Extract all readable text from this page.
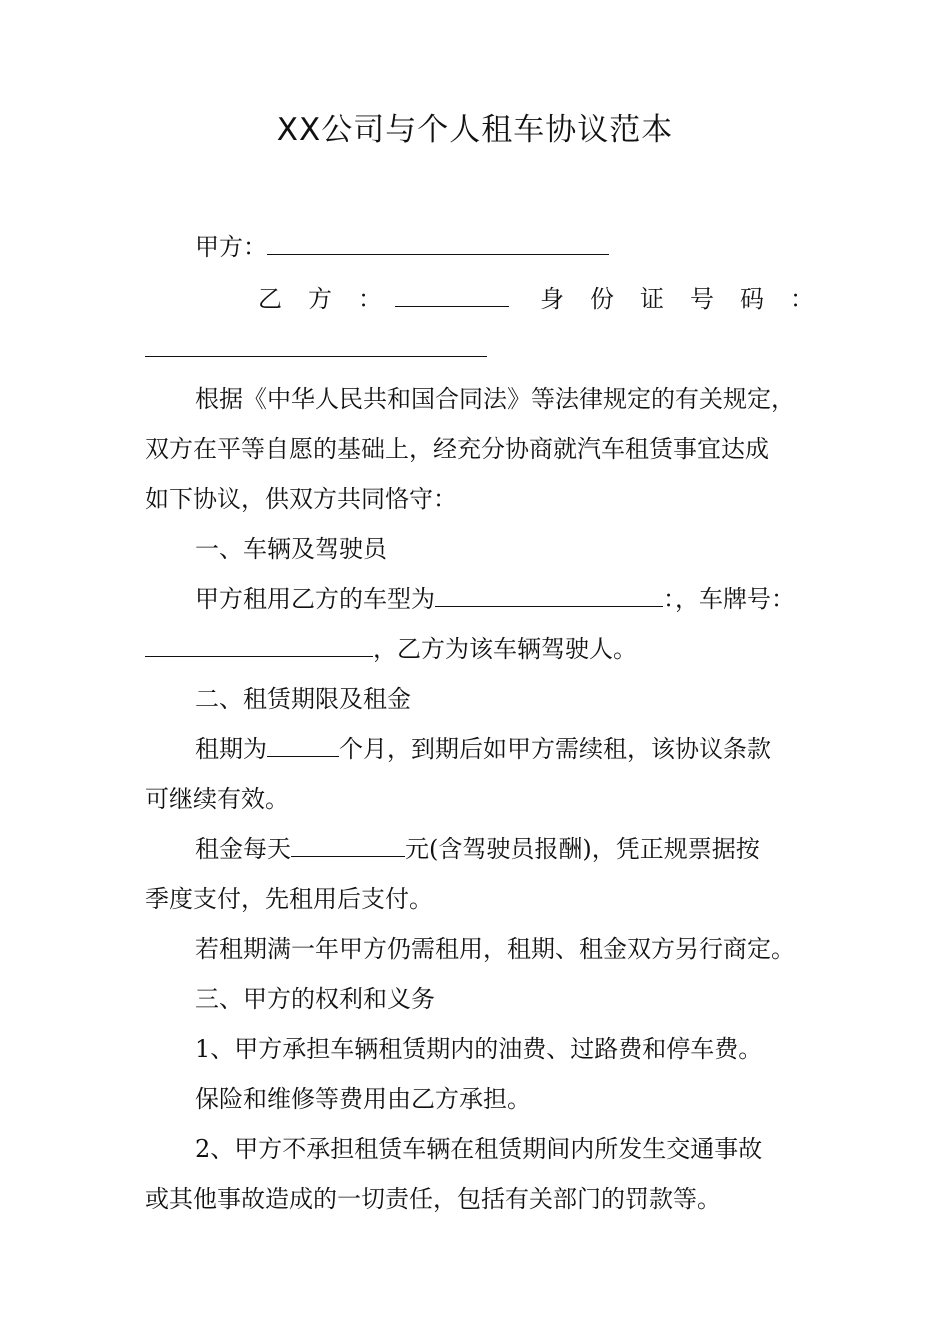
XX公司与个人租车协议范本
甲方：
乙 方 ：	身 份 证 号 码 ：
根据《中华人民共和国合同法》等法律规定的有关规定，
双方在平等自愿的基础上，经充分协商就汽车租赁事宜达成
如下协议，供双方共同恪守：
一、车辆及驾驶员
甲方租用乙方的车型为	：，车牌号：
，乙方为该车辆驾驶人。
二、租赁期限及租金
租期为	个月，到期后如甲方需续租，该协议条款
可继续有效。
租金每天	元(含驾驶员报酬)，凭正规票据按
季度支付，先租用后支付。
若租期满一年甲方仍需租用，租期、租金双方另行商定。
三、甲方的权利和义务
1、甲方承担车辆租赁期内的油费、过路费和停车费。
保险和维修等费用由乙方承担。
2、甲方不承担租赁车辆在租赁期间内所发生交通事故
或其他事故造成的一切责任，包括有关部门的罚款等。
